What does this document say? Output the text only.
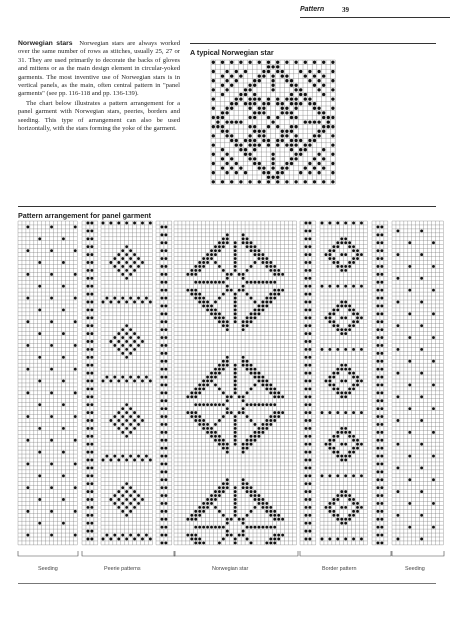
Pattern	39

Norwegian stars Norwegian stars are always worked over the same number of rows as stitches, usually 25, 27 or 31. They are used primarily to decorate the backs of gloves and mittens or as the main design element in circular-yoked garments. The most inventive use of Norwegian stars is in vertical panels, as the main, often central pattern in "panel garments" (see pp. 116-118 and pp. 136-139).

The chart below illustrates a pattern arrangement for a panel garment with Norwegian stars, peeries, borders and seeding. This type of arrangement can also be used horizontally, with the stars forming the yoke of the garment.

A typical Norwegian star
Pattern arrangement for panel garment
Seeding	Peerie patterns	Norwegian star	Border pattern	Seeding
